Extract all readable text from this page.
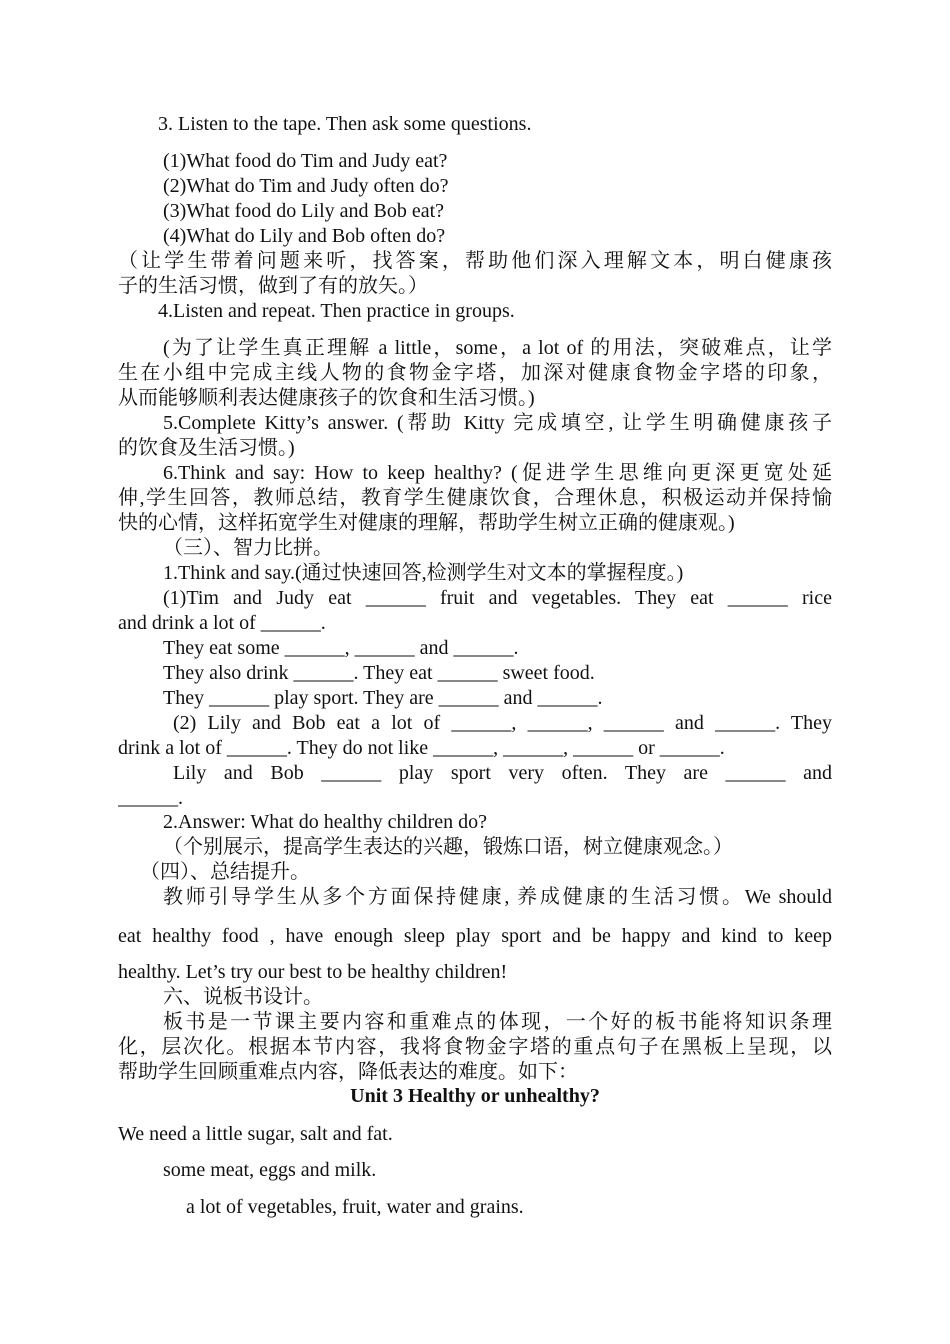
3. Listen to the tape. Then ask some questions.
(1)What food do Tim and Judy eat?
(2)What do Tim and Judy often do?
(3)What food do Lily and Bob eat?
(4)What do Lily and Bob often do?
（让学生带着问题来听，找答案，帮助他们深入理解文本，明白健康孩
子的生活习惯，做到了有的放矢。）
4.Listen and repeat. Then practice in groups.
(为了让学生真正理解 a little，some，a lot of 的用法，突破难点，让学
生在小组中完成主线人物的食物金字塔，加深对健康食物金字塔的印象，
从而能够顺利表达健康孩子的饮食和生活习惯。)
5.Complete Kitty’s answer. (帮助 Kitty 完成填空, 让学生明确健康孩子
的饮食及生活习惯。)
6.Think and say: How to keep healthy? (促进学生思维向更深更宽处延
伸,学生回答，教师总结，教育学生健康饮食，合理休息，积极运动并保持愉
快的心情，这样拓宽学生对健康的理解，帮助学生树立正确的健康观。)
（三）、智力比拼。
1.Think and say.(通过快速回答,检测学生对文本的掌握程度。)
(1)Tim and Judy eat ______ fruit and vegetables. They eat ______ rice
and drink a lot of ______.
They eat some ______, ______ and ______.
They also drink ______. They eat ______ sweet food.
They ______ play sport. They are ______ and ______.
(2) Lily and Bob eat a lot of ______, ______, ______ and ______. They
drink a lot of ______. They do not like ______, ______, ______ or ______.
Lily and Bob ______ play sport very often. They are ______ and
______.
2.Answer: What do healthy children do?
（个别展示，提高学生表达的兴趣，锻炼口语，树立健康观念。）
（四）、总结提升。
教师引导学生从多个方面保持健康, 养成健康的生活习惯。We should
eat healthy food , have enough sleep play sport and be happy and kind to keep
healthy. Let’s try our best to be healthy children!
六、说板书设计。
板书是一节课主要内容和重难点的体现，一个好的板书能将知识条理
化，层次化。根据本节内容，我将食物金字塔的重点句子在黑板上呈现，以
帮助学生回顾重难点内容，降低表达的难度。如下：
Unit 3 Healthy or unhealthy?
We need a little sugar, salt and fat.
some meat, eggs and milk.
a lot of vegetables, fruit, water and grains.
